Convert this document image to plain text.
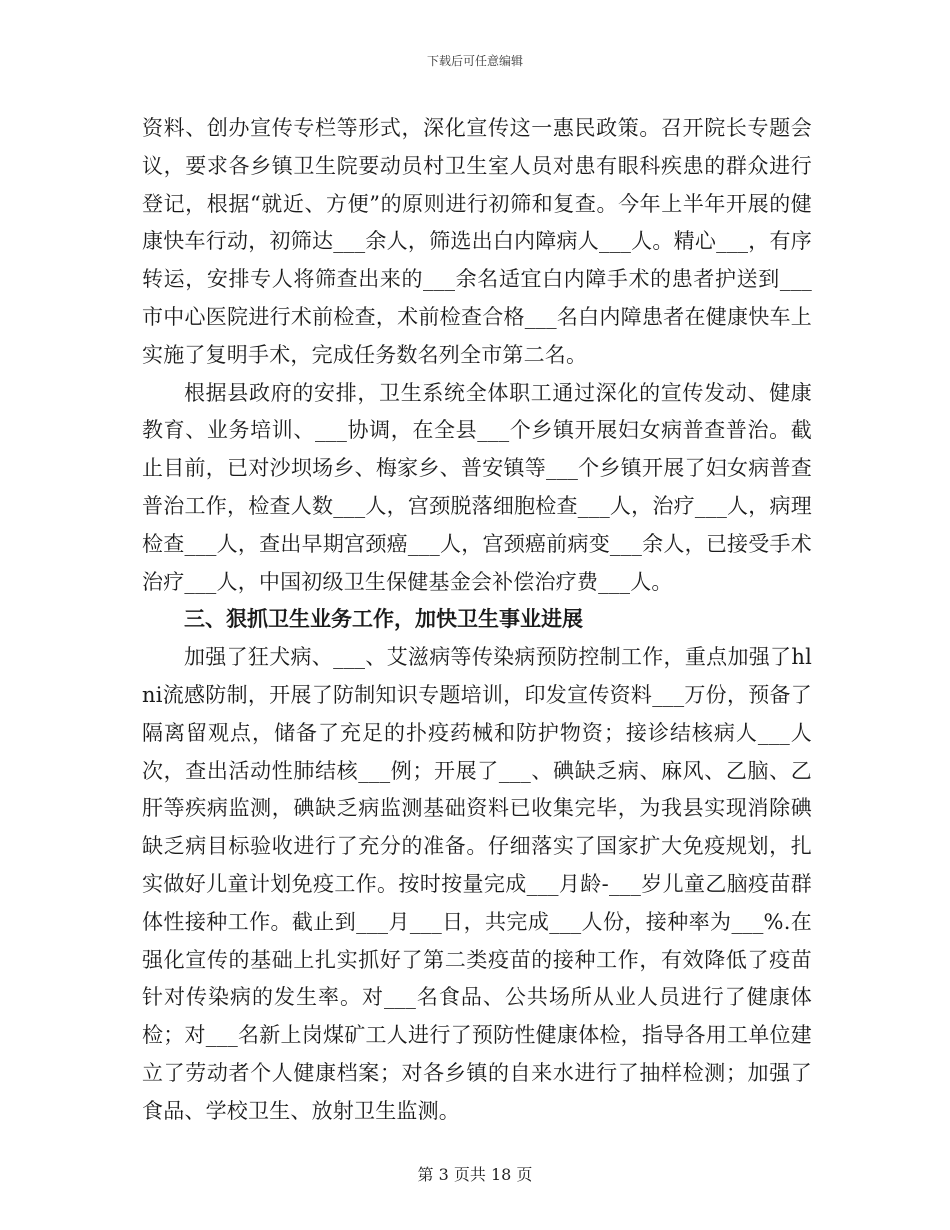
下载后可任意编辑

资料、创办宣传专栏等形式，深化宣传这一惠民政策。召开院长专题会议，要求各乡镇卫生院要动员村卫生室人员对患有眼科疾患的群众进行登记，根据“就近、方便”的原则进行初筛和复查。今年上半年开展的健康快车行动，初筛达___余人，筛选出白内障病人___人。精心___，有序转运，安排专人将筛查出来的___余名适宜白内障手术的患者护送到___市中心医院进行术前检查，术前检查合格___名白内障患者在健康快车上实施了复明手术，完成任务数名列全市第二名。

根据县政府的安排，卫生系统全体职工通过深化的宣传发动、健康教育、业务培训、___协调，在全县___个乡镇开展妇女病普查普治。截止目前，已对沙坝场乡、梅家乡、普安镇等___个乡镇开展了妇女病普查普治工作，检查人数___人，宫颈脱落细胞检查___人，治疗___人，病理检查___人，查出早期宫颈癌___人，宫颈癌前病变___余人，已接受手术治疗___人，中国初级卫生保健基金会补偿治疗费___人。

三、狠抓卫生业务工作，加快卫生事业进展

加强了狂犬病、___、艾滋病等传染病预防控制工作，重点加强了hlni流感防制，开展了防制知识专题培训，印发宣传资料___万份，预备了隔离留观点，储备了充足的扑疫药械和防护物资；接诊结核病人___人次，查出活动性肺结核___例；开展了___、碘缺乏病、麻风、乙脑、乙肝等疾病监测，碘缺乏病监测基础资料已收集完毕，为我县实现消除碘缺乏病目标验收进行了充分的准备。仔细落实了国家扩大免疫规划，扎实做好儿童计划免疫工作。按时按量完成___月龄-___岁儿童乙脑疫苗群体性接种工作。截止到___月___日，共完成___人份，接种率为___%.在强化宣传的基础上扎实抓好了第二类疫苗的接种工作，有效降低了疫苗针对传染病的发生率。对___名食品、公共场所从业人员进行了健康体检；对___名新上岗煤矿工人进行了预防性健康体检，指导各用工单位建立了劳动者个人健康档案；对各乡镇的自来水进行了抽样检测；加强了食品、学校卫生、放射卫生监测。

第 3 页共 18 页
